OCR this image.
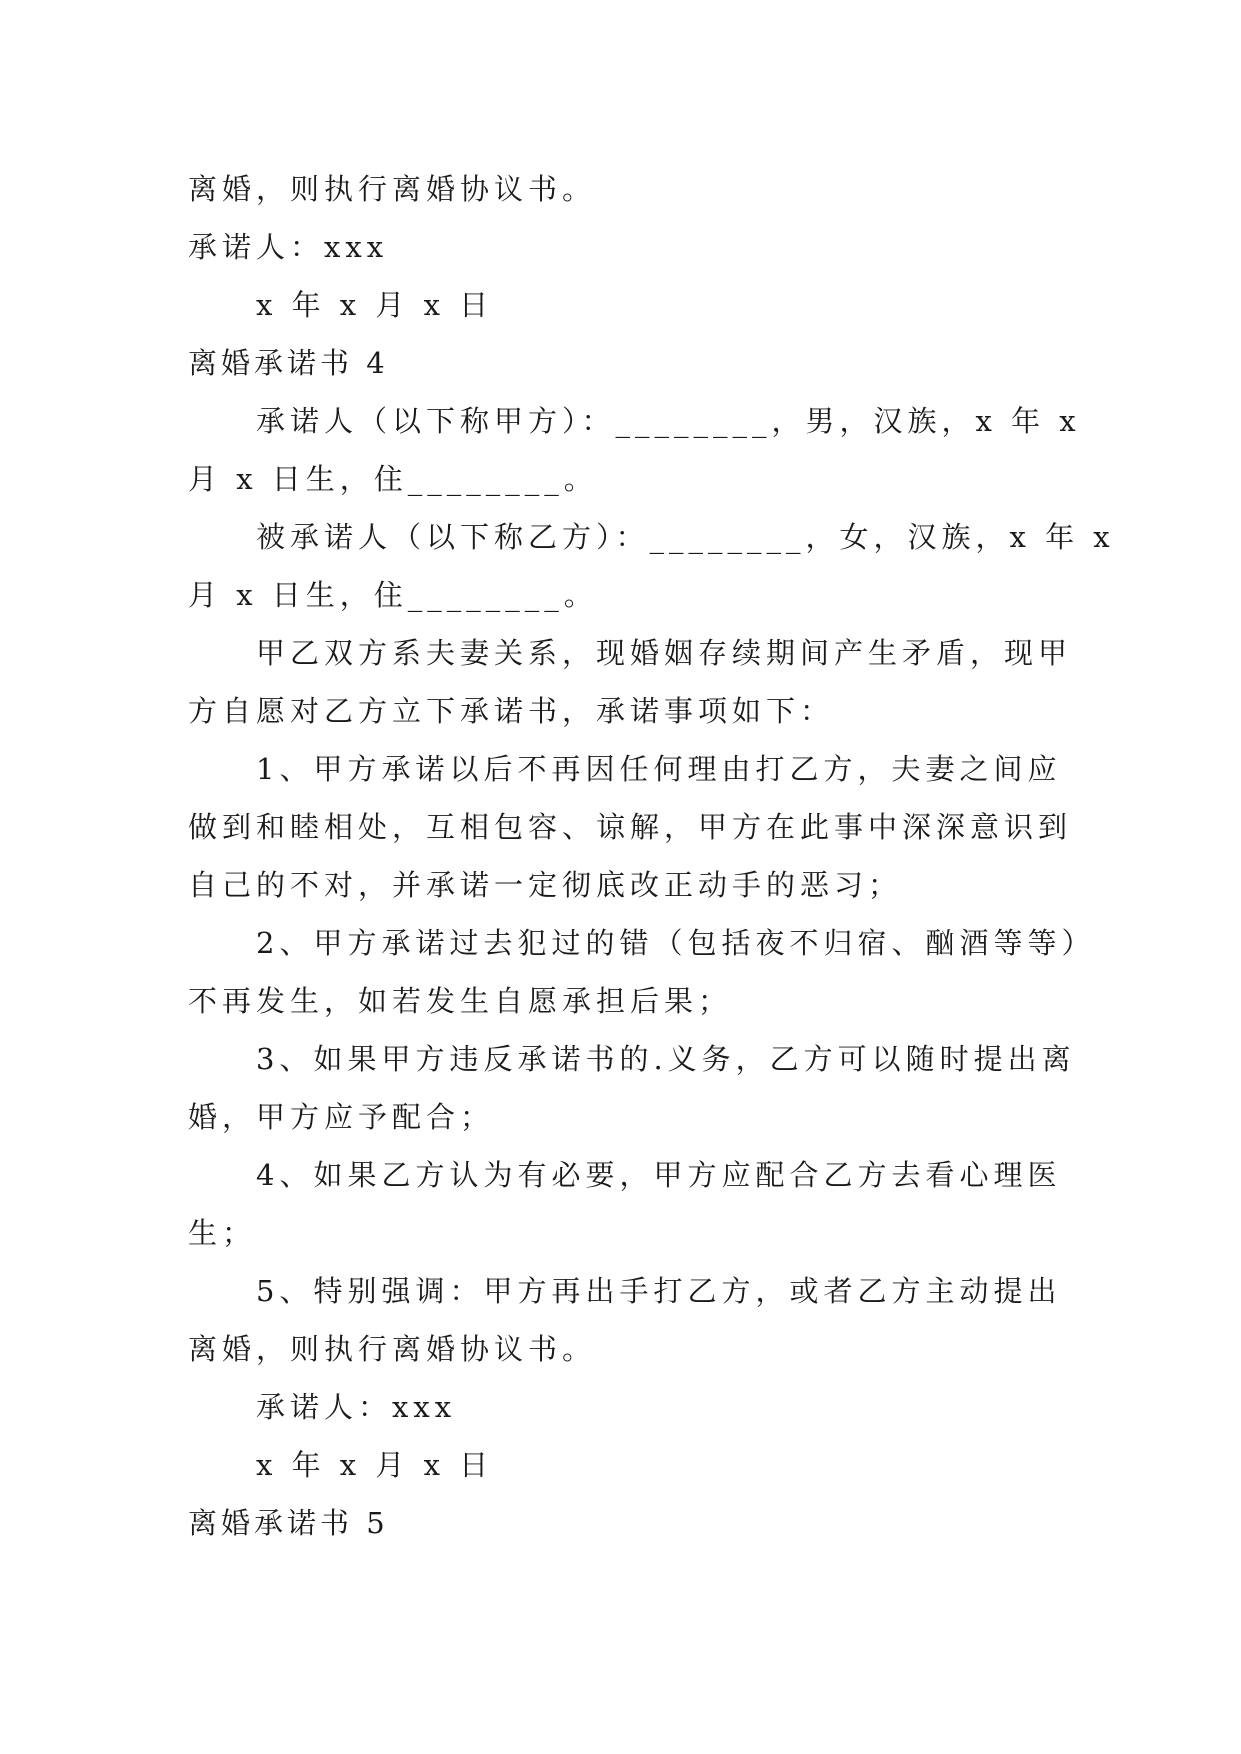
离婚，则执行离婚协议书。
承诺人：xxx
x 年 x 月 x 日
离婚承诺书 4
承诺人（以下称甲方）：________，男，汉族，x 年 x
月 x 日生，住________。
被承诺人（以下称乙方）：________，女，汉族，x 年 x
月 x 日生，住________。
甲乙双方系夫妻关系，现婚姻存续期间产生矛盾，现甲
方自愿对乙方立下承诺书，承诺事项如下：
1、甲方承诺以后不再因任何理由打乙方，夫妻之间应
做到和睦相处，互相包容、谅解，甲方在此事中深深意识到
自己的不对，并承诺一定彻底改正动手的恶习；
2、甲方承诺过去犯过的错（包括夜不归宿、酗酒等等）
不再发生，如若发生自愿承担后果；
3、如果甲方违反承诺书的.义务，乙方可以随时提出离
婚，甲方应予配合；
4、如果乙方认为有必要，甲方应配合乙方去看心理医
生；
5、特别强调：甲方再出手打乙方，或者乙方主动提出
离婚，则执行离婚协议书。
承诺人：xxx
x 年 x 月 x 日
离婚承诺书 5
